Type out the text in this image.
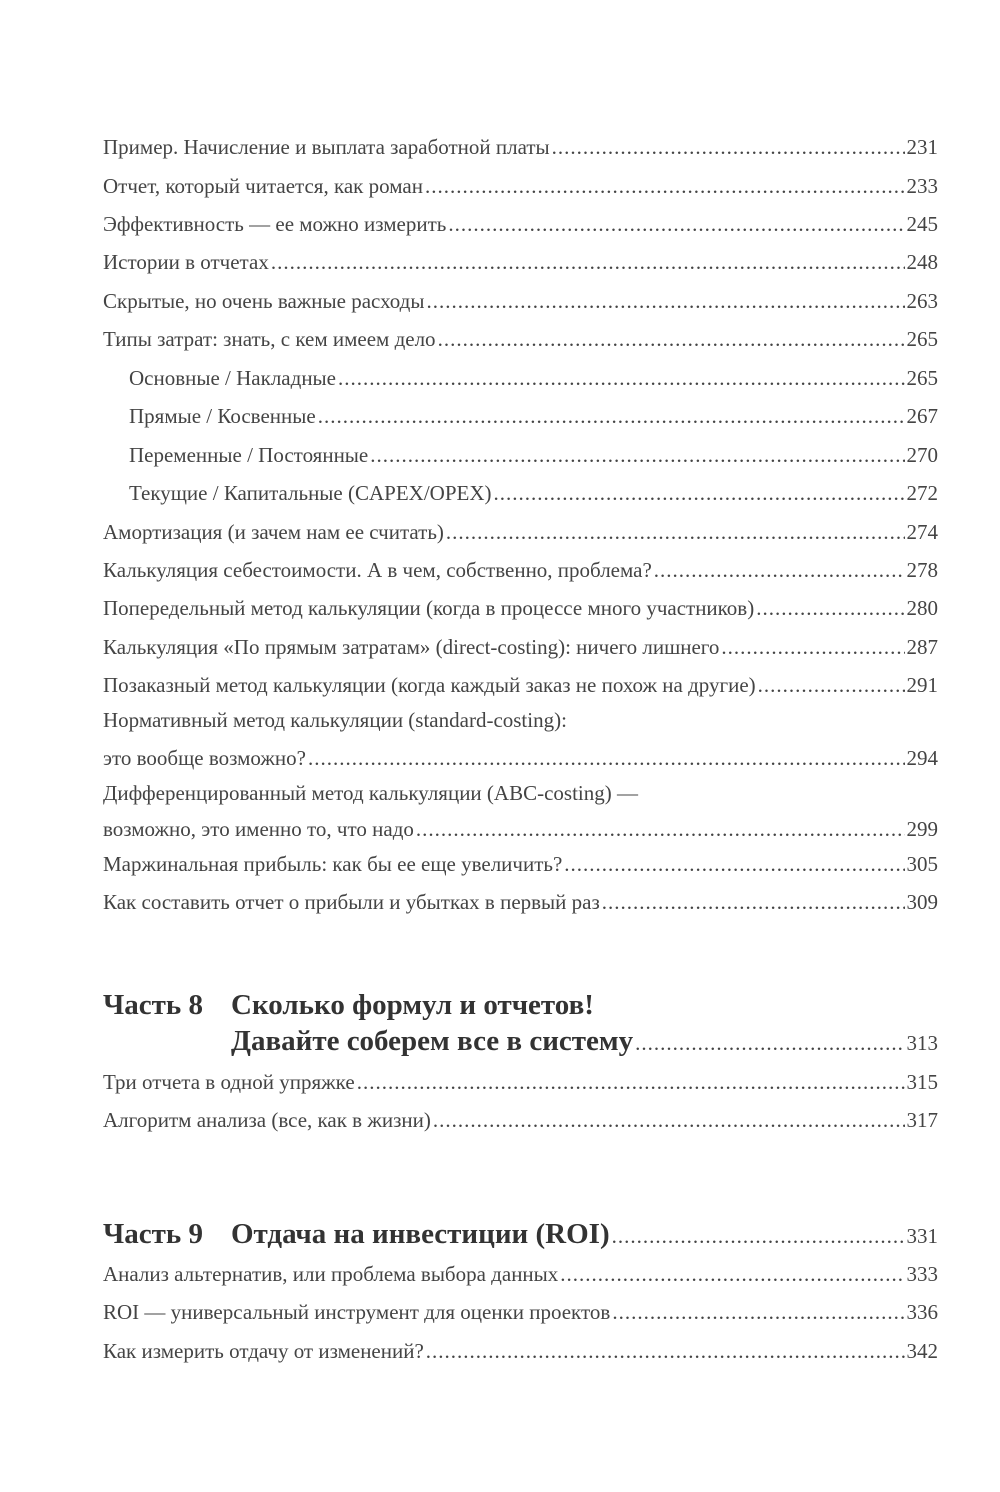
Пример. Начисление и выплата заработной платы .....	231
Отчет, который читается, как роман .....	233
Эффективность — ее можно измерить .....	245
Истории в отчетах .....	248
Скрытые, но очень важные расходы .....	263
Типы затрат: знать, с кем имеем дело .....	265
Основные / Накладные .....	265
Прямые / Косвенные .....	267
Переменные / Постоянные .....	270
Текущие / Капитальные (CAPEX/OPEX) .....	272
Амортизация (и зачем нам ее считать) .....	274
Калькуляция себестоимости. А в чем, собственно, проблема? .....	278
Попередельный метод калькуляции (когда в процессе много участников) .....	280
Калькуляция «По прямым затратам» (direct-costing): ничего лишнего .....	287
Позаказный метод калькуляции (когда каждый заказ не похож на другие) .....	291
Нормативный метод калькуляции (standard-costing):
это вообще возможно? .....	294
Дифференцированный метод калькуляции (ABC-costing) —
возможно, это именно то, что надо .....	299
Маржинальная прибыль: как бы ее еще увеличить? .....	305
Как составить отчет о прибыли и убытках в первый раз .....	309
Часть 8 Сколько формул и отчетов!
Давайте соберем все в систему .....	313
Три отчета в одной упряжке .....	315
Алгоритм анализа (все, как в жизни) .....	317
Часть 9 Отдача на инвестиции (ROI) .....	331
Анализ альтернатив, или проблема выбора данных .....	333
ROI — универсальный инструмент для оценки проектов .....	336
Как измерить отдачу от изменений? .....	342
